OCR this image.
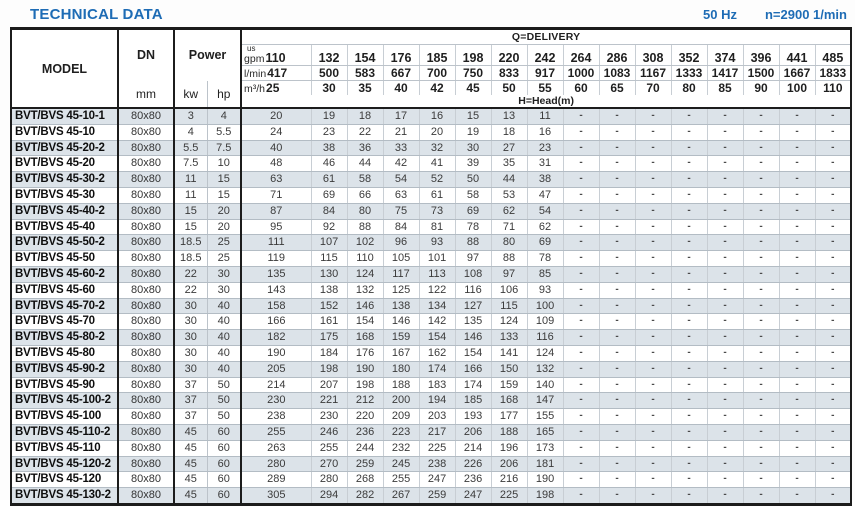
TECHNICAL DATA	50 Hz n=2900 1/min
MODEL	DN	Power		Q=DELIVERY															

				us
gpm110	132	154	176	185	198	220	242	264	286	308	352	374	396	441	485
				l/min417	500	583	667	700	750	833	917	1000	1083	1167	1333	1417	1500	1667	1833
	mm	kw	hp	m³/h25	30	35	40	42	45	50	55	60	65	70	80	85	90	100	110
				H=Head(m)															
BVT/BVS 45-10-1	80x80	3	4	20	19	18	17	16	15	13	11	-	-	-	-	-	-	-	-
BVT/BVS 45-10	80x80	4	5.5	24	23	22	21	20	19	18	16	-	-	-	-	-	-	-	-
BVT/BVS 45-20-2	80x80	5.5	7.5	40	38	36	33	32	30	27	23	-	-	-	-	-	-	-	-
BVT/BVS 45-20	80x80	7.5	10	48	46	44	42	41	39	35	31	-	-	-	-	-	-	-	-
BVT/BVS 45-30-2	80x80	11	15	63	61	58	54	52	50	44	38	-	-	-	-	-	-	-	-
BVT/BVS 45-30	80x80	11	15	71	69	66	63	61	58	53	47	-	-	-	-	-	-	-	-
BVT/BVS 45-40-2	80x80	15	20	87	84	80	75	73	69	62	54	-	-	-	-	-	-	-	-
BVT/BVS 45-40	80x80	15	20	95	92	88	84	81	78	71	62	-	-	-	-	-	-	-	-
BVT/BVS 45-50-2	80x80	18.5	25	111	107	102	96	93	88	80	69	-	-	-	-	-	-	-	-
BVT/BVS 45-50	80x80	18.5	25	119	115	110	105	101	97	88	78	-	-	-	-	-	-	-	-
BVT/BVS 45-60-2	80x80	22	30	135	130	124	117	113	108	97	85	-	-	-	-	-	-	-	-
BVT/BVS 45-60	80x80	22	30	143	138	132	125	122	116	106	93	-	-	-	-	-	-	-	-
BVT/BVS 45-70-2	80x80	30	40	158	152	146	138	134	127	115	100	-	-	-	-	-	-	-	-
BVT/BVS 45-70	80x80	30	40	166	161	154	146	142	135	124	109	-	-	-	-	-	-	-	-
BVT/BVS 45-80-2	80x80	30	40	182	175	168	159	154	146	133	116	-	-	-	-	-	-	-	-
BVT/BVS 45-80	80x80	30	40	190	184	176	167	162	154	141	124	-	-	-	-	-	-	-	-
BVT/BVS 45-90-2	80x80	30	40	205	198	190	180	174	166	150	132	-	-	-	-	-	-	-	-
BVT/BVS 45-90	80x80	37	50	214	207	198	188	183	174	159	140	-	-	-	-	-	-	-	-
BVT/BVS 45-100-2	80x80	37	50	230	221	212	200	194	185	168	147	-	-	-	-	-	-	-	-
BVT/BVS 45-100	80x80	37	50	238	230	220	209	203	193	177	155	-	-	-	-	-	-	-	-
BVT/BVS 45-110-2	80x80	45	60	255	246	236	223	217	206	188	165	-	-	-	-	-	-	-	-
BVT/BVS 45-110	80x80	45	60	263	255	244	232	225	214	196	173	-	-	-	-	-	-	-	-
BVT/BVS 45-120-2	80x80	45	60	280	270	259	245	238	226	206	181	-	-	-	-	-	-	-	-
BVT/BVS 45-120	80x80	45	60	289	280	268	255	247	236	216	190	-	-	-	-	-	-	-	-
BVT/BVS 45-130-2	80x80	45	60	305	294	282	267	259	247	225	198	-	-	-	-	-	-	-	-
